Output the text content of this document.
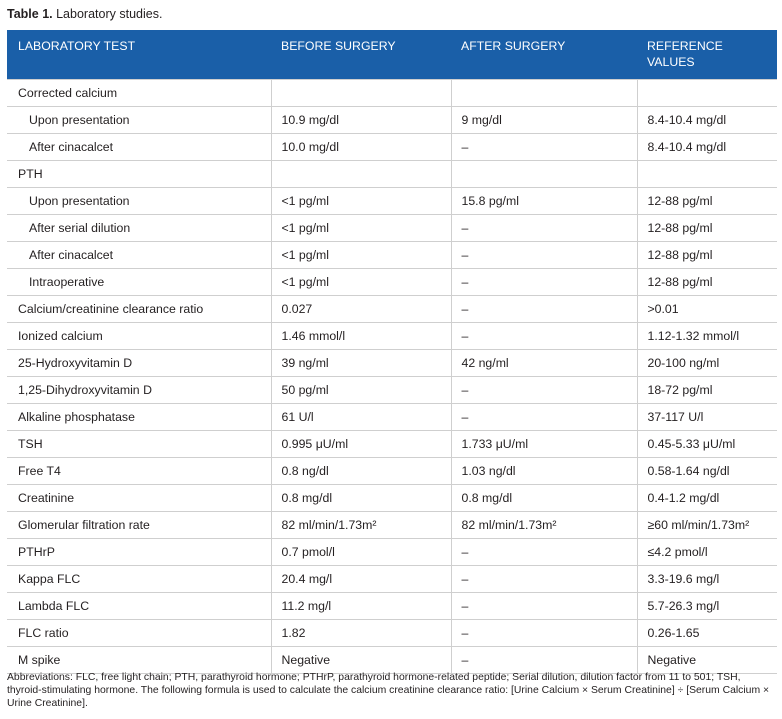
Table 1. Laboratory studies.
LABORATORY TEST	BEFORE SURGERY	AFTER SURGERY	REFERENCE VALUES
Corrected calcium			
Upon presentation	10.9 mg/dl	9 mg/dl	8.4-10.4 mg/dl
After cinacalcet	10.0 mg/dl	–	8.4-10.4 mg/dl
PTH			
Upon presentation	<1 pg/ml	15.8 pg/ml	12-88 pg/ml
After serial dilution	<1 pg/ml	–	12-88 pg/ml
After cinacalcet	<1 pg/ml	–	12-88 pg/ml
Intraoperative	<1 pg/ml	–	12-88 pg/ml
Calcium/creatinine clearance ratio	0.027	–	>0.01
Ionized calcium	1.46 mmol/l	–	1.12-1.32 mmol/l
25-Hydroxyvitamin D	39 ng/ml	42 ng/ml	20-100 ng/ml
1,25-Dihydroxyvitamin D	50 pg/ml	–	18-72 pg/ml
Alkaline phosphatase	61 U/l	–	37-117 U/l
TSH	0.995 μU/ml	1.733 μU/ml	0.45-5.33 μU/ml
Free T4	0.8 ng/dl	1.03 ng/dl	0.58-1.64 ng/dl
Creatinine	0.8 mg/dl	0.8 mg/dl	0.4-1.2 mg/dl
Glomerular filtration rate	82 ml/min/1.73m²	82 ml/min/1.73m²	≥60 ml/min/1.73m²
PTHrP	0.7 pmol/l	–	≤4.2 pmol/l
Kappa FLC	20.4 mg/l	–	3.3-19.6 mg/l
Lambda FLC	11.2 mg/l	–	5.7-26.3 mg/l
FLC ratio	1.82	–	0.26-1.65
M spike	Negative	–	Negative
Abbreviations: FLC, free light chain; PTH, parathyroid hormone; PTHrP, parathyroid hormone-related peptide; Serial dilution, dilution factor from 11 to 501; TSH, thyroid-stimulating hormone. The following formula is used to calculate the calcium creatinine clearance ratio: [Urine Calcium × Serum Creatinine] ÷ [Serum Calcium × Urine Creatinine].
